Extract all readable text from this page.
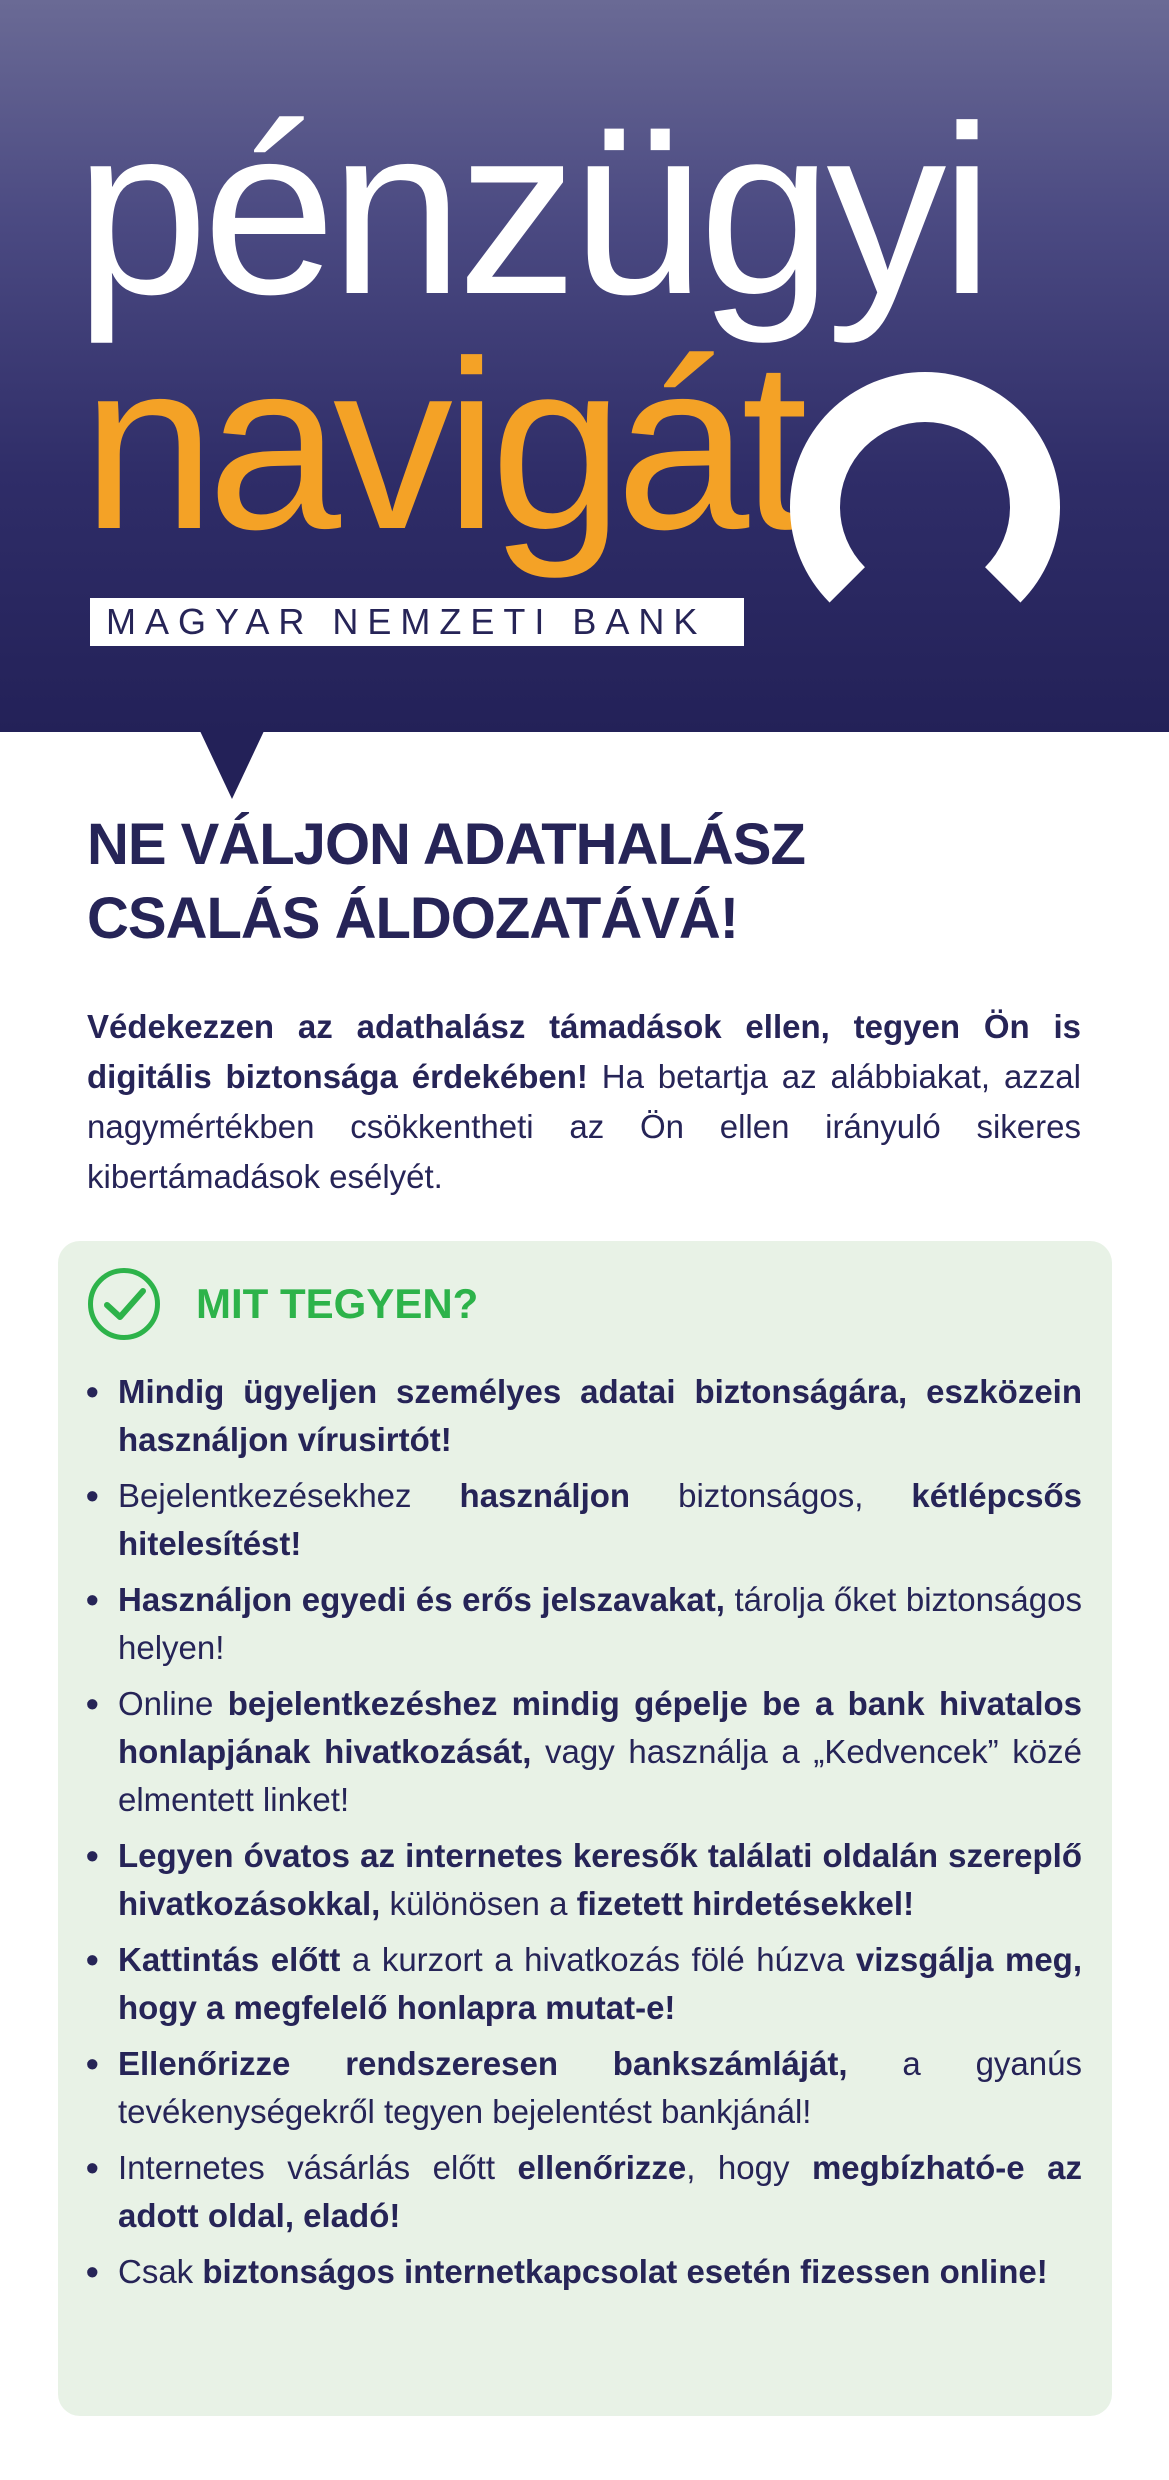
pénzügyi
navigát
MAGYAR NEMZETI BANK
NE VÁLJON ADATHALÁSZ
CSALÁS ÁLDOZATÁVÁ!

Védekezzen az adathalász támadások ellen, tegyen Ön is digitális biztonsága érdekében! Ha betartja az alábbiakat, azzal nagymértékben csökkentheti az Ön ellen irányuló sikeres kibertámadások esélyét.

MIT TEGYEN?
• Mindig ügyeljen személyes adatai biztonságára, eszközein használjon vírusirtót!
• Bejelentkezésekhez használjon biztonságos, kétlépcsős hitelesítést!
• Használjon egyedi és erős jelszavakat, tárolja őket biztonságos helyen!
• Online bejelentkezéshez mindig gépelje be a bank hivatalos honlapjának hivatkozását, vagy használja a „Kedvencek” közé elmentett linket!
• Legyen óvatos az internetes keresők találati oldalán szereplő hivatkozásokkal, különösen a fizetett hirdetésekkel!
• Kattintás előtt a kurzort a hivatkozás fölé húzva vizsgálja meg, hogy a megfelelő honlapra mutat-e!
• Ellenőrizze rendszeresen bankszámláját, a gyanús tevékenységekről tegyen bejelentést bankjánál!
• Internetes vásárlás előtt ellenőrizze, hogy megbízható-e az adott oldal, eladó!
• Csak biztonságos internetkapcsolat esetén fizessen online!
